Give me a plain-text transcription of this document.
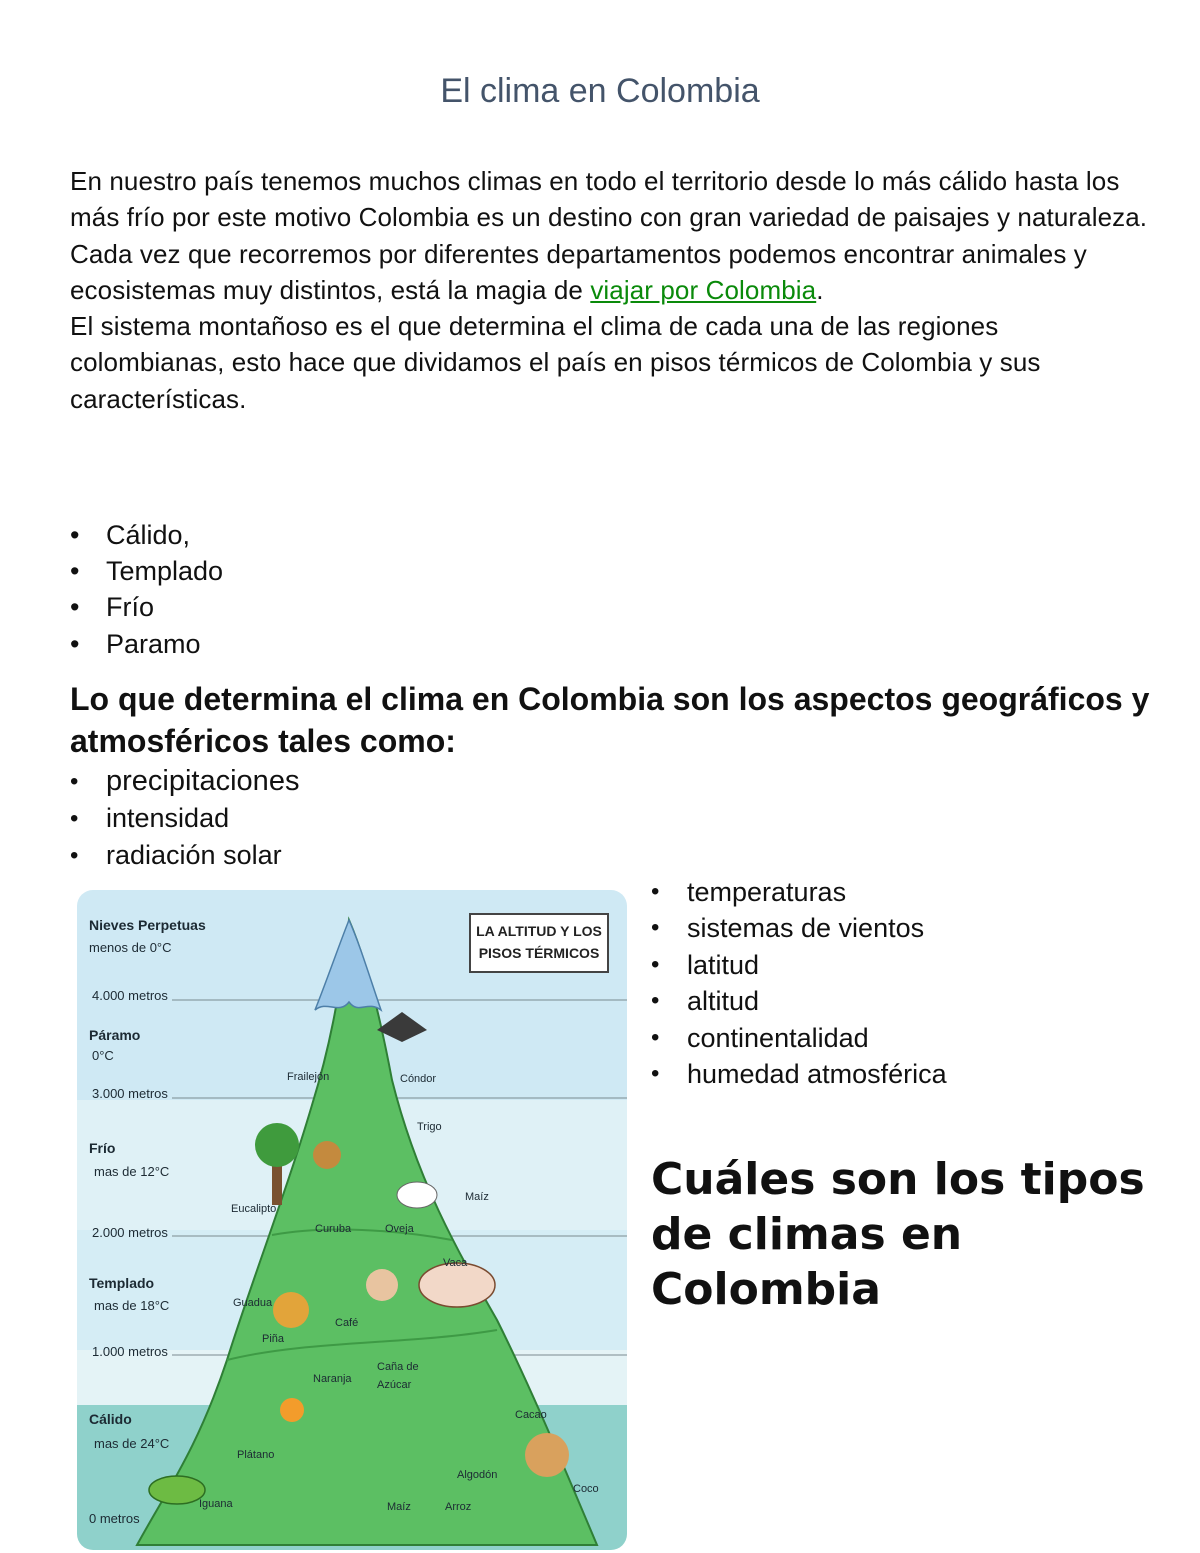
El clima en Colombia

En nuestro país tenemos muchos climas en todo el territorio desde lo más cálido hasta los más frío por este motivo Colombia es un destino con gran variedad de paisajes y naturaleza.

Cada vez que recorremos por diferentes departamentos podemos encontrar animales y ecosistemas muy distintos, está la magia de viajar por Colombia.

El sistema montañoso es el que determina el clima de cada una de las regiones colombianas, esto hace que dividamos el país en pisos térmicos de Colombia y sus características.

• Cálido,
• Templado
• Frío
• Paramo
Lo que determina el clima en Colombia son los aspectos geográficos y atmosféricos tales como:
• precipitaciones
• intensidad
• radiación solar
• temperaturas
• sistemas de vientos
• latitud
• altitud
• continentalidad
• humedad atmosférica
Cuáles son los tipos de climas en Colombia
LA ALTITUD Y LOS
PISOS TÉRMICOS
Nieves Perpetuas
menos de 0°C
4.000 metros
Páramo
0°C
3.000 metros
Frío
mas de 12°C
2.000 metros
Templado
mas de 18°C
1.000 metros
Cálido
mas de 24°C
0 metros
Frailejón	Cóndor
Trigo
Eucalipto
Curuba	Oveja
Maíz
Vaca
Guadua
Café
Piña
Caña de
Azúcar
Naranja
Cacao
Plátano
Algodón
Coco
Iguana	Maíz	Arroz
